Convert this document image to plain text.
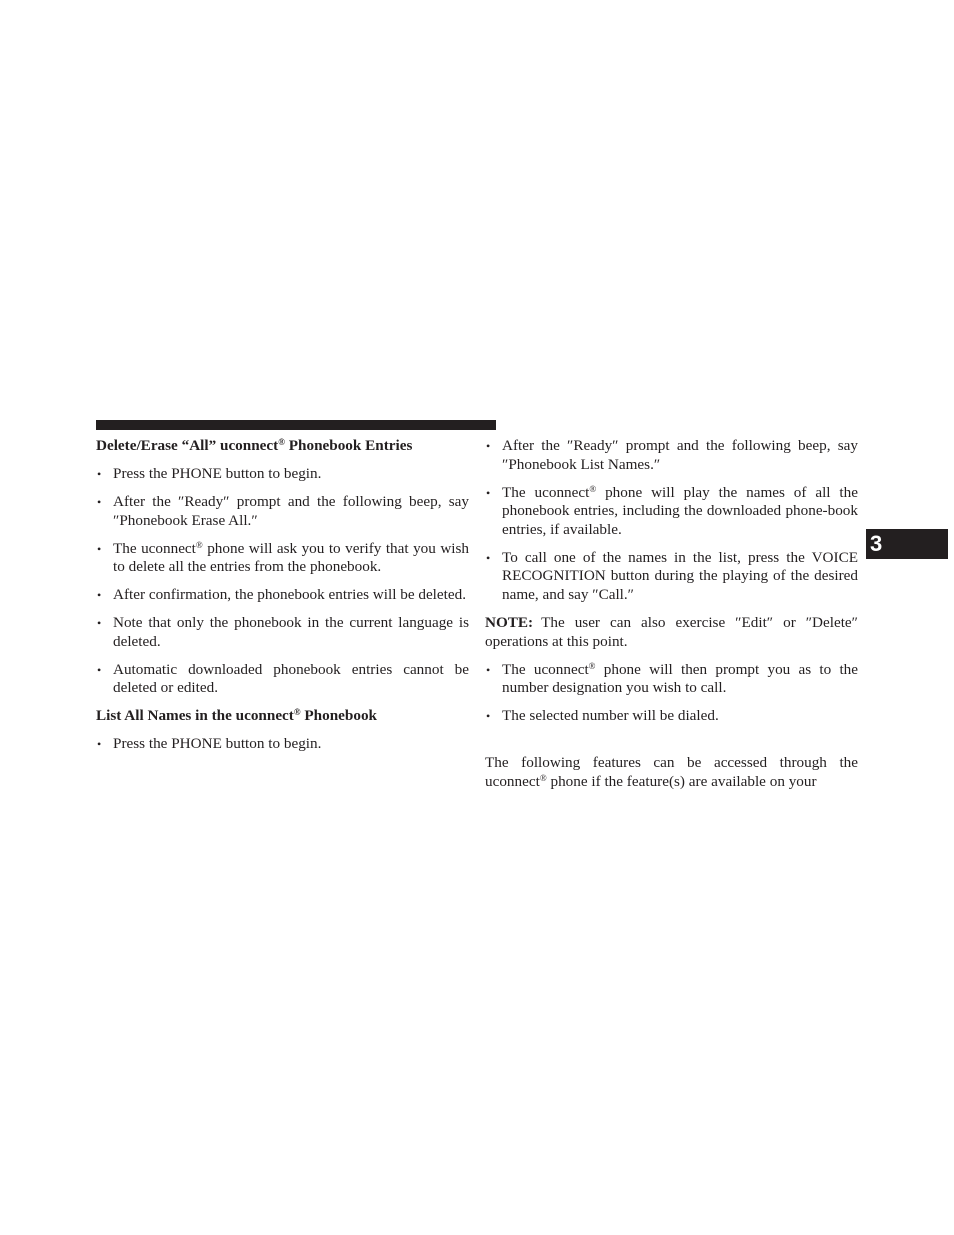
Delete/Erase “All” uconnect® Phonebook Entries
• Press the PHONE button to begin.
• After the ″Ready″ prompt and the following beep, say ″Phonebook Erase All.″
• The uconnect® phone will ask you to verify that you wish to delete all the entries from the phonebook.
• After confirmation, the phonebook entries will be deleted.
• Note that only the phonebook in the current language is deleted.
• Automatic downloaded phonebook entries cannot be deleted or edited.
List All Names in the uconnect® Phonebook
• Press the PHONE button to begin.
• After the ″Ready″ prompt and the following beep, say ″Phonebook List Names.″
• The uconnect® phone will play the names of all the phonebook entries, including the downloaded phone-book entries, if available.
• To call one of the names in the list, press the VOICE RECOGNITION button during the playing of the desired name, and say ″Call.″

NOTE: The user can also exercise ″Edit″ or ″Delete″ operations at this point.

• The uconnect® phone will then prompt you as to the number designation you wish to call.
• The selected number will be dialed.

The following features can be accessed through the uconnect® phone if the feature(s) are available on your

3
